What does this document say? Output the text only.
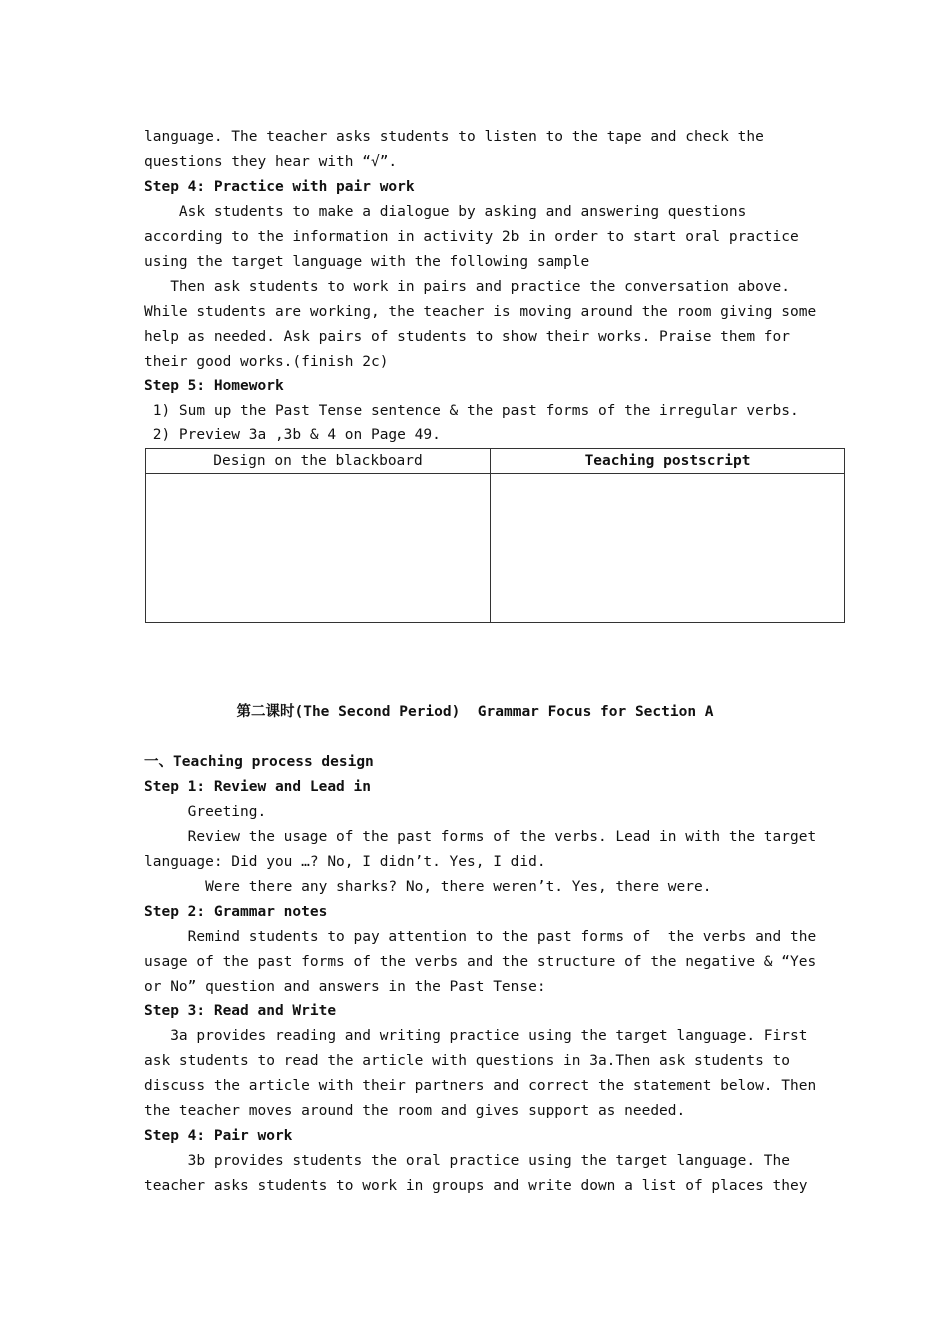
language. The teacher asks students to listen to the tape and check the
questions they hear with “√”.
Step 4: Practice with pair work
Ask students to make a dialogue by asking and answering questions
according to the information in activity 2b in order to start oral practice
using the target language with the following sample
Then ask students to work in pairs and practice the conversation above.
While students are working, the teacher is moving around the room giving some
help as needed. Ask pairs of students to show their works. Praise them for
their good works.(finish 2c)
Step 5: Homework
1) Sum up the Past Tense sentence & the past forms of the irregular verbs.
2) Preview 3a ,3b & 4 on Page 49.
Design on the blackboard	Teaching postscript

第二课时(The Second Period)  Grammar Focus for Section A
一、Teaching process design
Step 1: Review and Lead in
Greeting.
Review the usage of the past forms of the verbs. Lead in with the target
language: Did you …? No, I didn’t. Yes, I did.
Were there any sharks? No, there weren’t. Yes, there were.
Step 2: Grammar notes
Remind students to pay attention to the past forms of  the verbs and the
usage of the past forms of the verbs and the structure of the negative & “Yes
or No” question and answers in the Past Tense:
Step 3: Read and Write
3a provides reading and writing practice using the target language. First
ask students to read the article with questions in 3a.Then ask students to
discuss the article with their partners and correct the statement below. Then
the teacher moves around the room and gives support as needed.
Step 4: Pair work
3b provides students the oral practice using the target language. The
teacher asks students to work in groups and write down a list of places they
